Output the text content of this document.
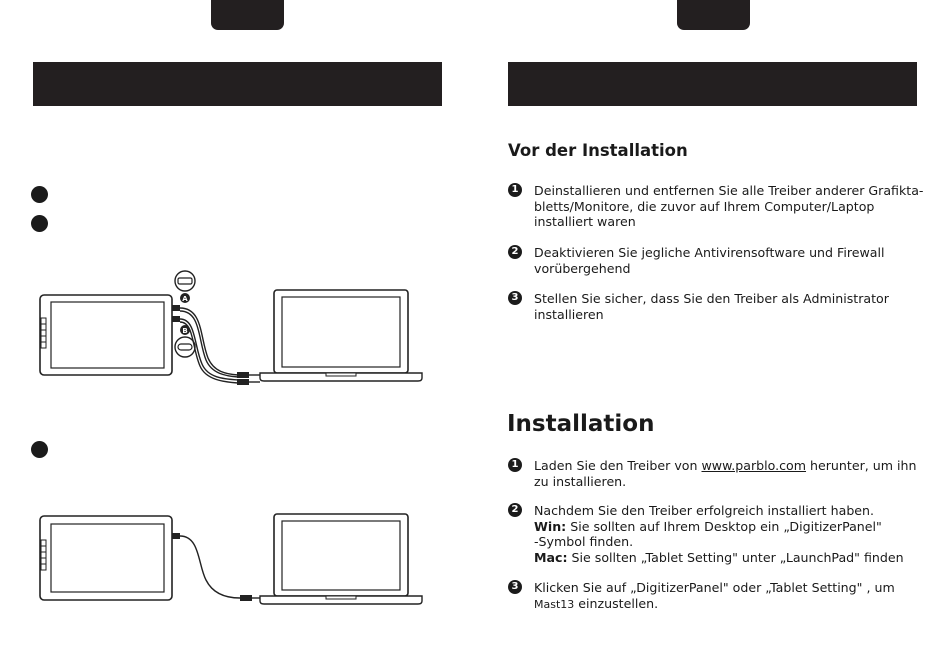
A
B
Vor der Installation
1 Deinstallieren und entfernen Sie alle Treiber anderer Grafikta-
bletts/Monitore, die zuvor auf Ihrem Computer/Laptop
installiert waren
2 Deaktivieren Sie jegliche Antivirensoftware und Firewall
vorübergehend
3 Stellen Sie sicher, dass Sie den Treiber als Administrator
installieren
Installation
1 Laden Sie den Treiber von www.parblo.com herunter, um ihn
zu installieren.
2 Nachdem Sie den Treiber erfolgreich installiert haben.
Win: Sie sollten auf Ihrem Desktop ein „DigitizerPanel"
-Symbol finden.
Mac: Sie sollten „Tablet Setting" unter „LaunchPad" finden
3 Klicken Sie auf „DigitizerPanel" oder „Tablet Setting" , um
Mast13 einzustellen.
